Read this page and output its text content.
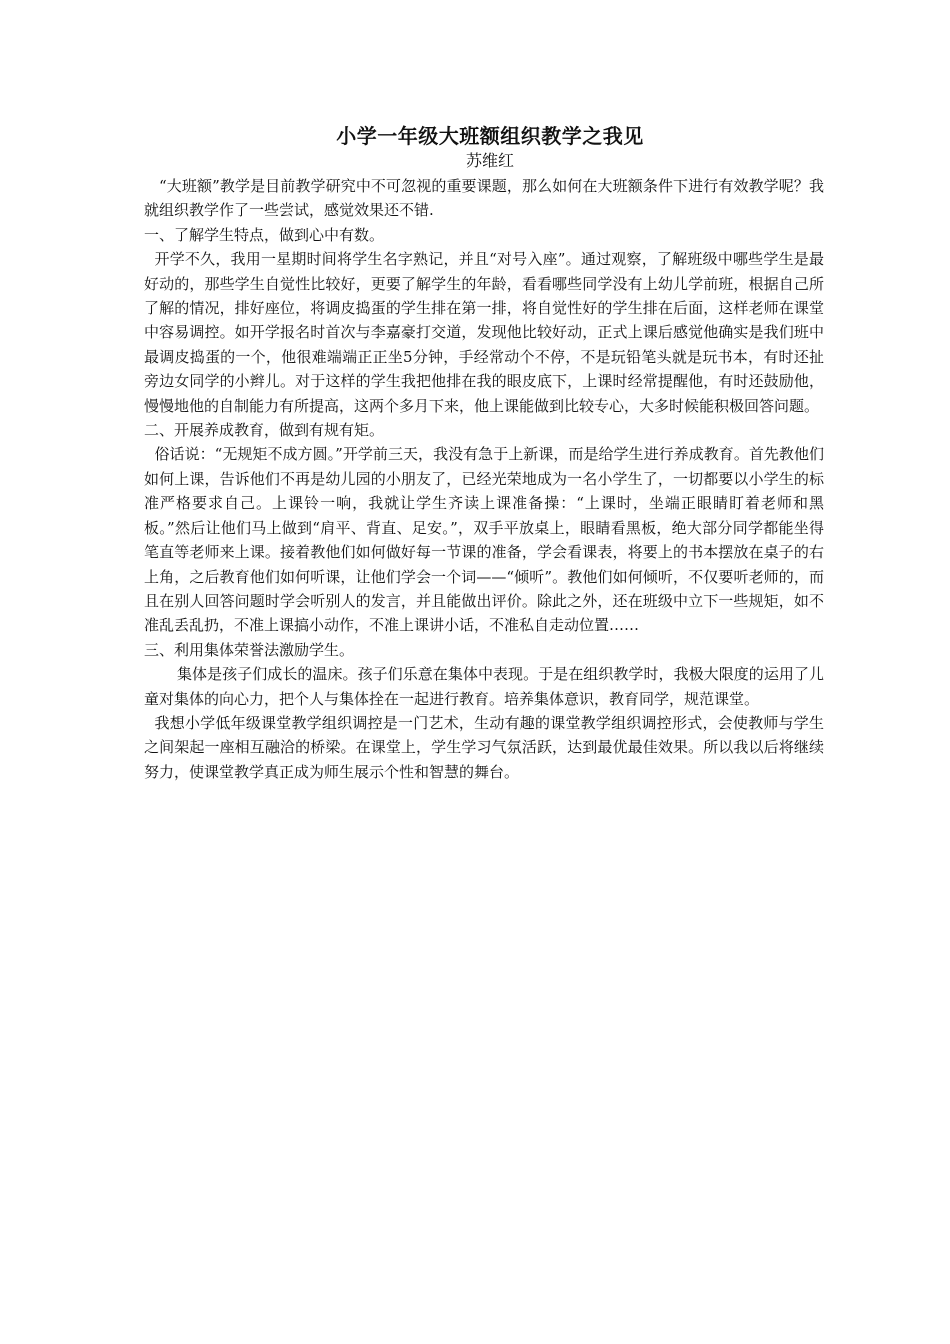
小学一年级大班额组织教学之我见
苏维红

“大班额”教学是目前教学研究中不可忽视的重要课题，那么如何在大班额条件下进行有效教学呢？我就组织教学作了一些尝试，感觉效果还不错.

一、了解学生特点，做到心中有数。

开学不久，我用一星期时间将学生名字熟记，并且“对号入座”。通过观察，了解班级中哪些学生是最好动的，那些学生自觉性比较好，更要了解学生的年龄，看看哪些同学没有上幼儿学前班，根据自己所了解的情况，排好座位，将调皮捣蛋的学生排在第一排，将自觉性好的学生排在后面，这样老师在课堂中容易调控。如开学报名时首次与李嘉豪打交道，发现他比较好动，正式上课后感觉他确实是我们班中最调皮捣蛋的一个，他很难端端正正坐5分钟，手经常动个不停，不是玩铅笔头就是玩书本，有时还扯旁边女同学的小辫儿。对于这样的学生我把他排在我的眼皮底下，上课时经常提醒他，有时还鼓励他，慢慢地他的自制能力有所提高，这两个多月下来，他上课能做到比较专心，大多时候能积极回答问题。

二、开展养成教育，做到有规有矩。

俗话说：“无规矩不成方圆。”开学前三天，我没有急于上新课，而是给学生进行养成教育。首先教他们如何上课，告诉他们不再是幼儿园的小朋友了，已经光荣地成为一名小学生了，一切都要以小学生的标准严格要求自己。上课铃一响，我就让学生齐读上课准备操：“上课时，坐端正眼睛盯着老师和黑板。”然后让他们马上做到“肩平、背直、足安。”，双手平放桌上，眼睛看黑板，绝大部分同学都能坐得笔直等老师来上课。接着教他们如何做好每一节课的准备，学会看课表，将要上的书本摆放在桌子的右上角，之后教育他们如何听课，让他们学会一个词——“倾听”。教他们如何倾听，不仅要听老师的，而且在别人回答问题时学会听别人的发言，并且能做出评价。除此之外，还在班级中立下一些规矩，如不准乱丢乱扔，不准上课搞小动作，不准上课讲小话，不准私自走动位置……

三、利用集体荣誉法激励学生。

集体是孩子们成长的温床。孩子们乐意在集体中表现。于是在组织教学时，我极大限度的运用了儿童对集体的向心力，把个人与集体拴在一起进行教育。培养集体意识，教育同学，规范课堂。

我想小学低年级课堂教学组织调控是一门艺术，生动有趣的课堂教学组织调控形式，会使教师与学生之间架起一座相互融洽的桥梁。在课堂上，学生学习气氛活跃，达到最优最佳效果。所以我以后将继续努力，使课堂教学真正成为师生展示个性和智慧的舞台。
